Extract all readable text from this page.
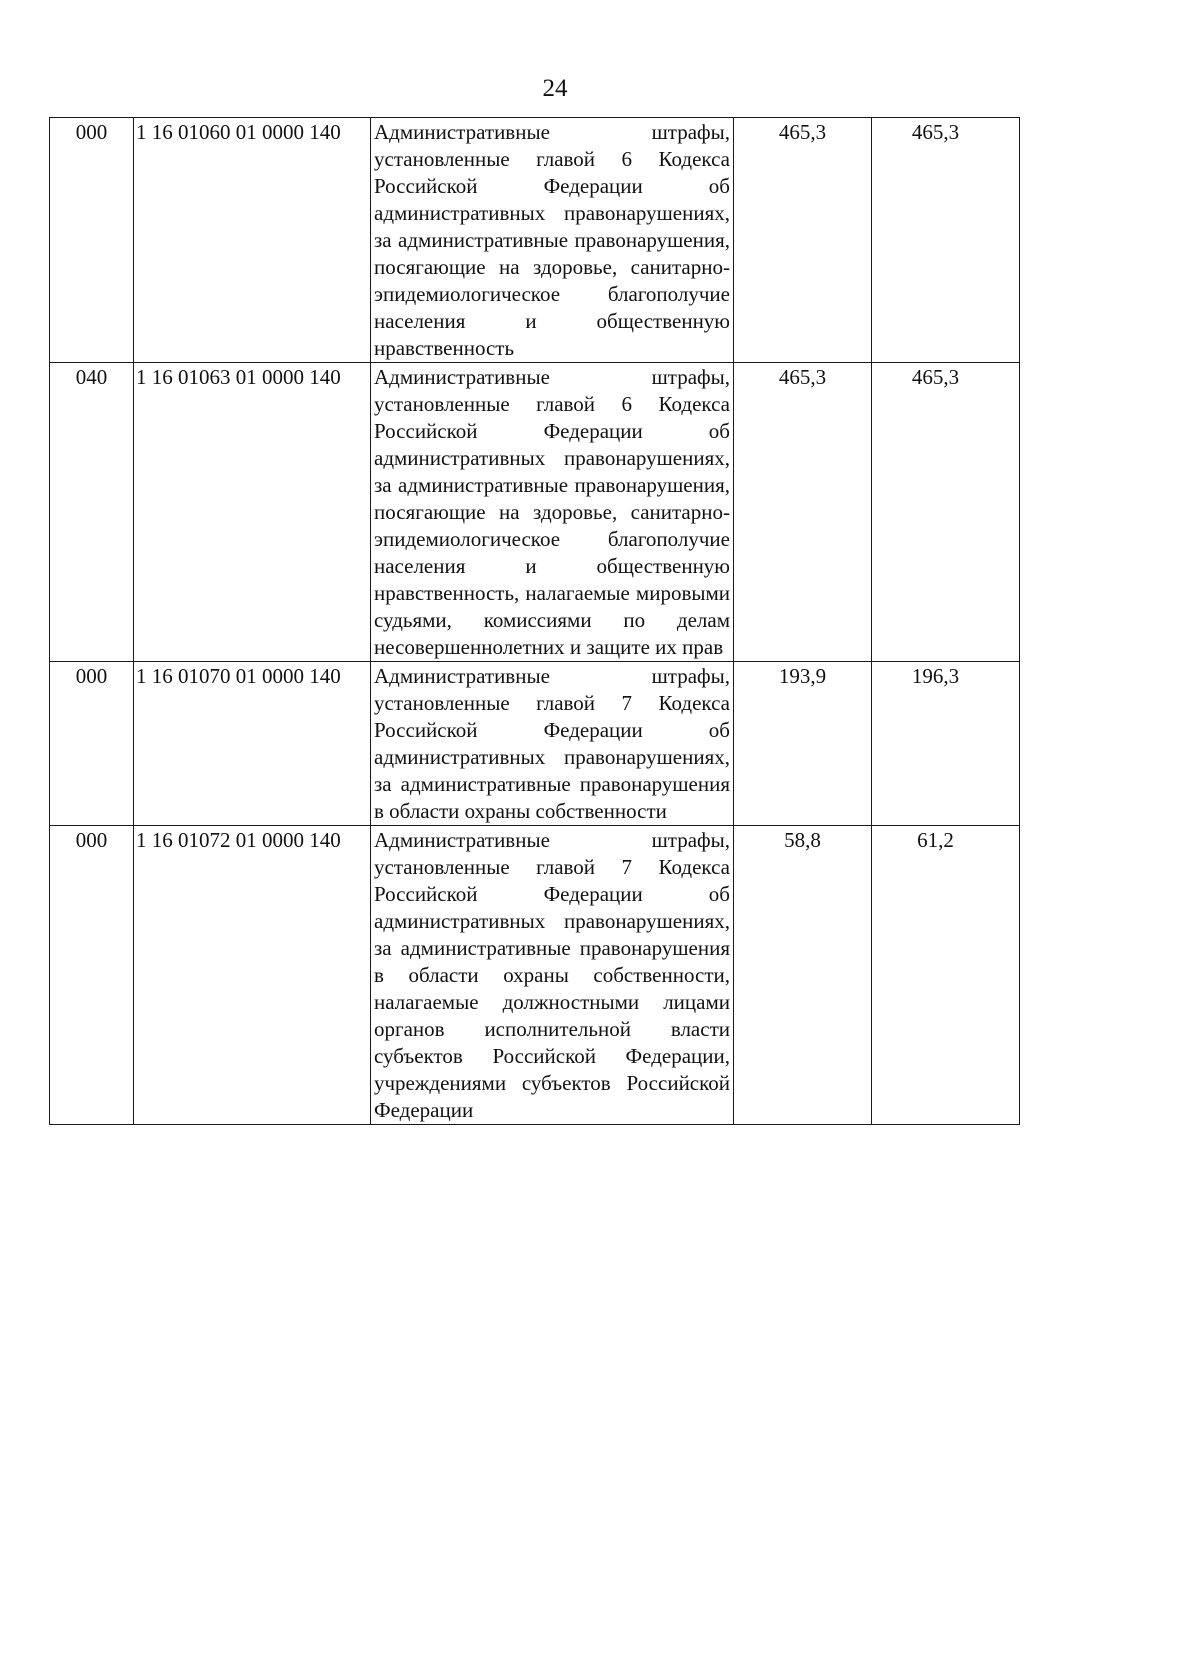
24
000	1 16 01060 01 0000 140	Административные штрафы, установленные главой 6 Кодекса Российской Федерации об административных правонарушениях, за административные правонарушения, посягающие на здоровье, санитарно-эпидемиологическое благополучие населения и общественную нравственность	465,3	465,3
040	1 16 01063 01 0000 140	Административные штрафы, установленные главой 6 Кодекса Российской Федерации об административных правонарушениях, за административные правонарушения, посягающие на здоровье, санитарно-эпидемиологическое благополучие населения и общественную нравственность, налагаемые мировыми судьями, комиссиями по делам несовершеннолетних и защите их прав	465,3	465,3
000	1 16 01070 01 0000 140	Административные штрафы, установленные главой 7 Кодекса Российской Федерации об административных правонарушениях, за административные правонарушения в области охраны собственности	193,9	196,3
000	1 16 01072 01 0000 140	Административные штрафы, установленные главой 7 Кодекса Российской Федерации об административных правонарушениях, за административные правонарушения в области охраны собственности, налагаемые должностными лицами органов исполнительной власти субъектов Российской Федерации, учреждениями субъектов Российской Федерации	58,8	61,2
